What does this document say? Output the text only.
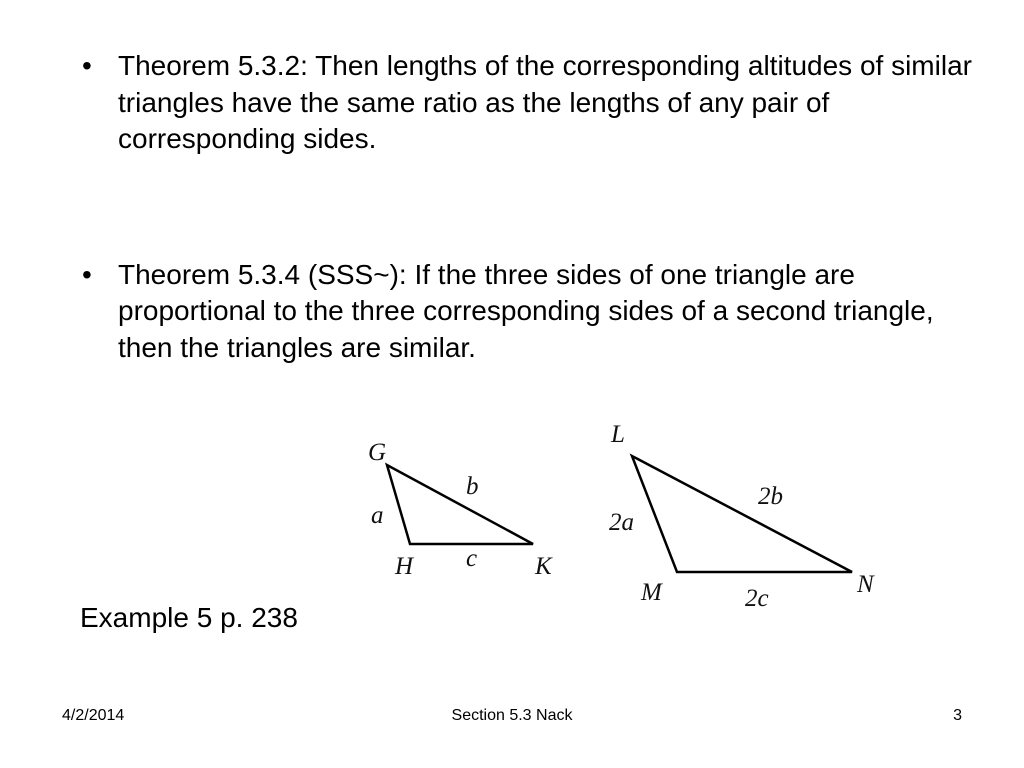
• Theorem 5.3.2: Then lengths of the corresponding altitudes of similar triangles have the same ratio as the lengths of any pair of corresponding sides.
• Theorem 5.3.4 (SSS~): If the three sides of one triangle are proportional to the three corresponding sides of a second triangle, then the triangles are similar.
G
H	K
a
b
c
L
M	N
2a
2b
2c
Example 5 p. 238
4/2/2014	Section 5.3 Nack	3
